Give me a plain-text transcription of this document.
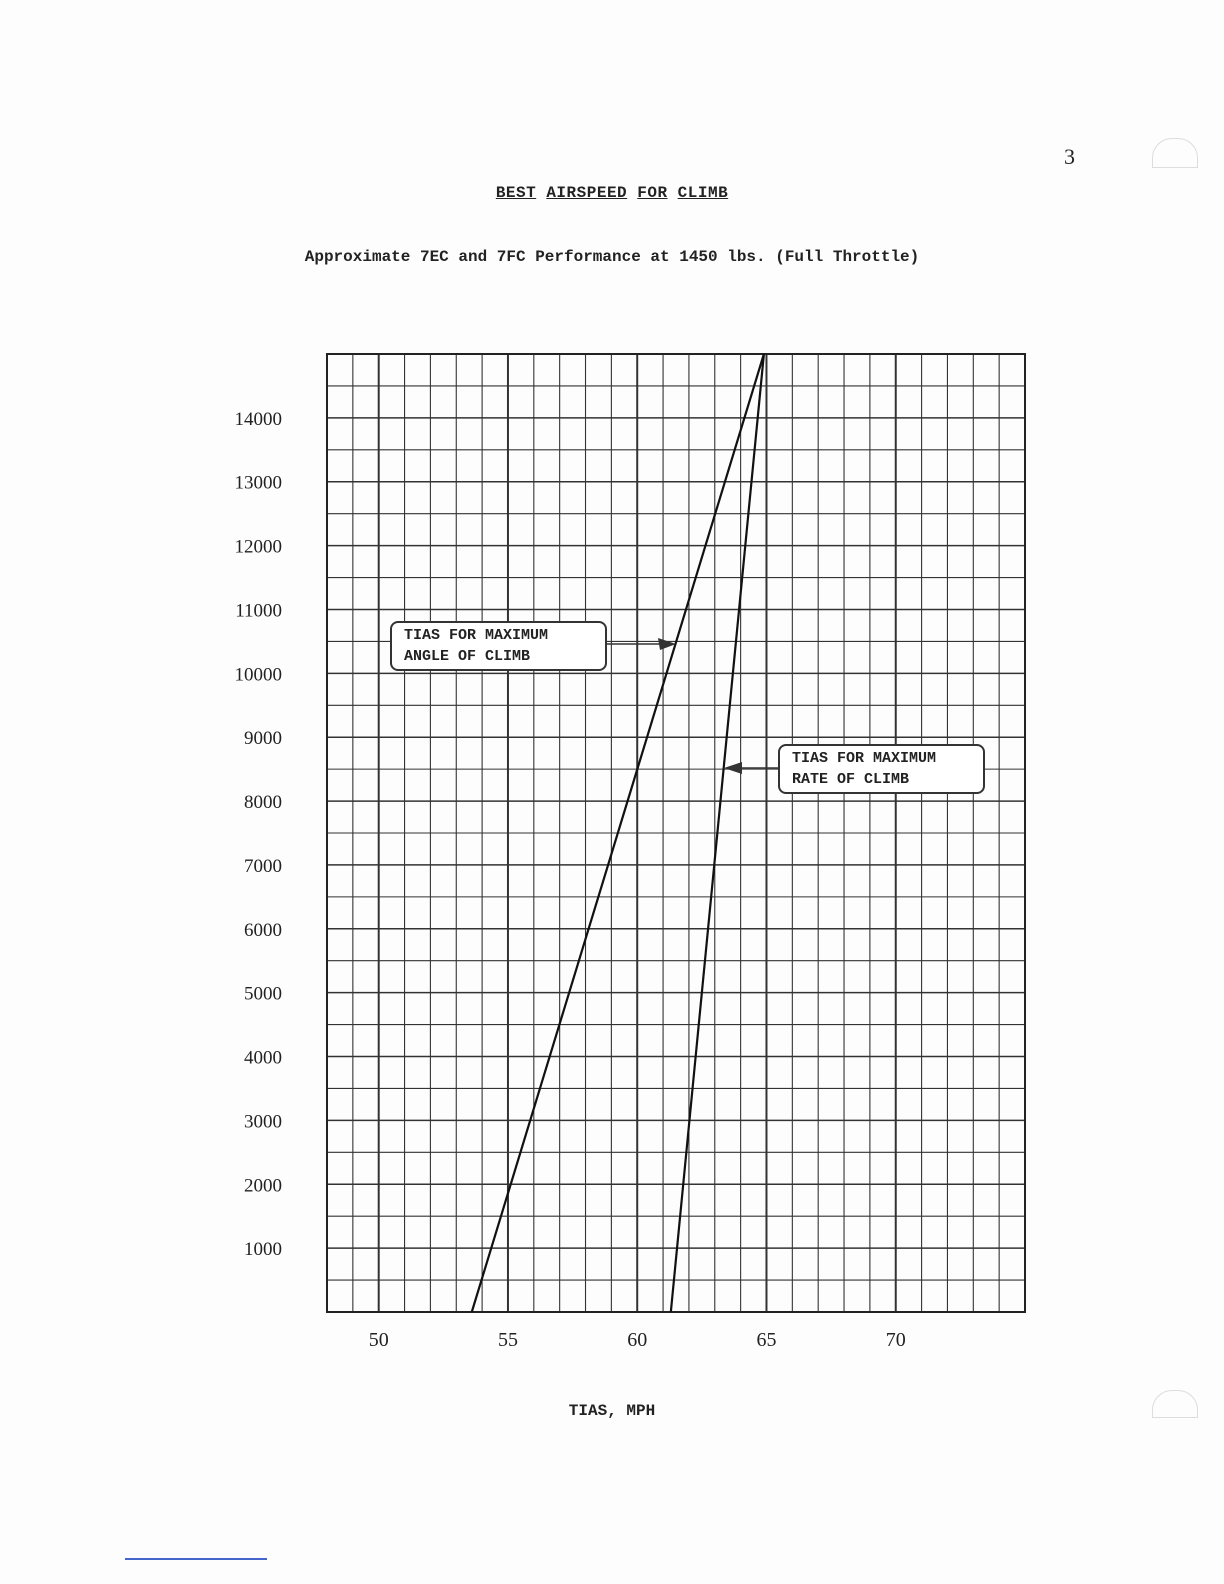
3
BEST AIRSPEED FOR CLIMB
Approximate 7EC and 7FC Performance at 1450 lbs. (Full Throttle)
1000
2000
3000
4000
5000
6000
7000
8000
9000
10000
11000
12000
13000
14000
50	55	60	65	70
TIAS FOR MAXIMUM
ANGLE OF CLIMB
TIAS FOR MAXIMUM
RATE OF CLIMB
TIAS, MPH
